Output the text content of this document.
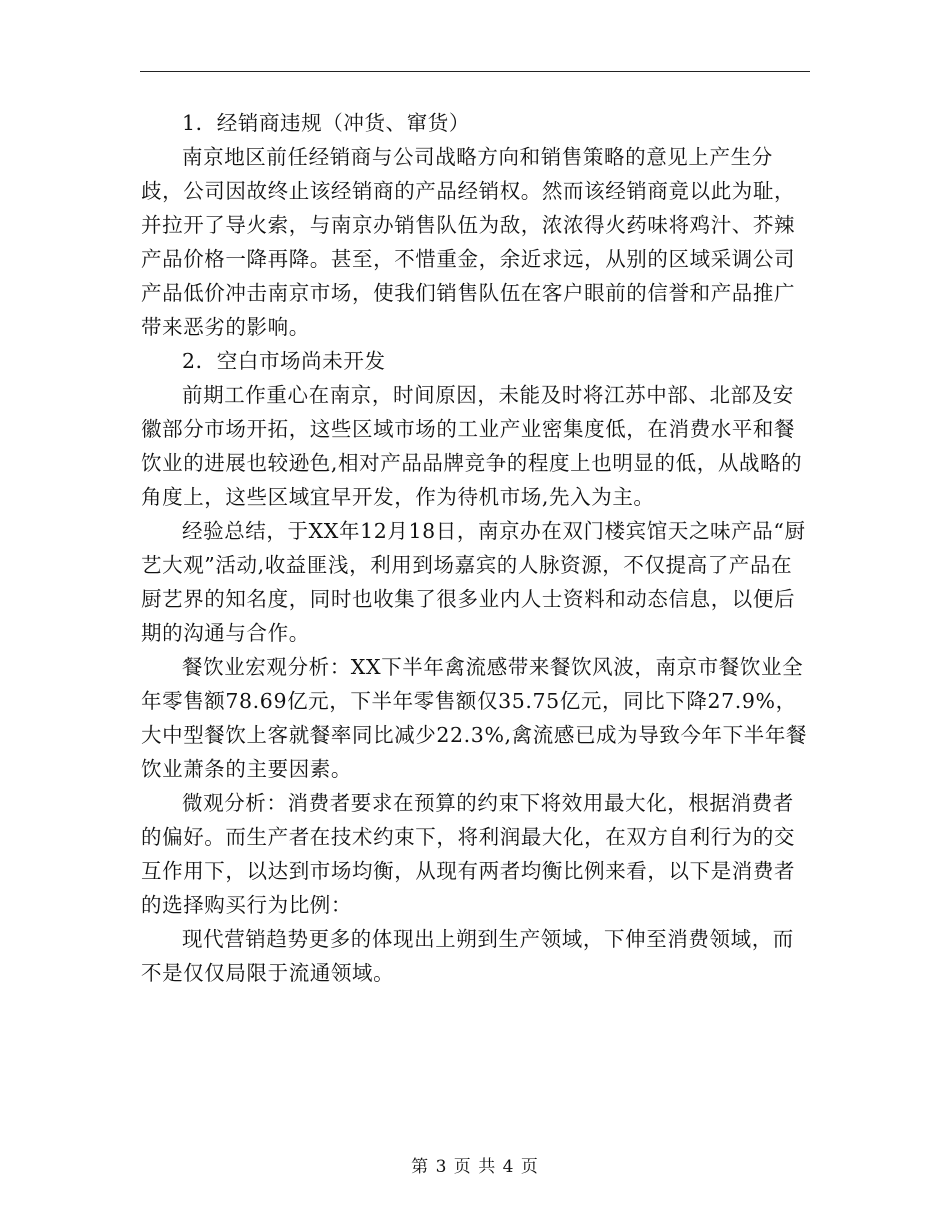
1．经销商违规（冲货、窜货）

南京地区前任经销商与公司战略方向和销售策略的意见上产生分歧，公司因故终止该经销商的产品经销权。然而该经销商竟以此为耻，并拉开了导火索，与南京办销售队伍为敌，浓浓得火药味将鸡汁、芥辣产品价格一降再降。甚至，不惜重金，余近求远，从别的区域采调公司产品低价冲击南京市场，使我们销售队伍在客户眼前的信誉和产品推广带来恶劣的影响。

2．空白市场尚未开发

前期工作重心在南京，时间原因，未能及时将江苏中部、北部及安徽部分市场开拓，这些区域市场的工业产业密集度低，在消费水平和餐饮业的进展也较逊色,相对产品品牌竞争的程度上也明显的低，从战略的角度上，这些区域宜早开发，作为待机市场,先入为主。

经验总结，于XX年12月18日，南京办在双门楼宾馆天之味产品“厨艺大观”活动,收益匪浅，利用到场嘉宾的人脉资源，不仅提高了产品在厨艺界的知名度，同时也收集了很多业内人士资料和动态信息，以便后期的沟通与合作。

餐饮业宏观分析：XX下半年禽流感带来餐饮风波，南京市餐饮业全年零售额78.69亿元，下半年零售额仅35.75亿元，同比下降27.9%，大中型餐饮上客就餐率同比减少22.3%,禽流感已成为导致今年下半年餐饮业萧条的主要因素。

微观分析：消费者要求在预算的约束下将效用最大化，根据消费者的偏好。而生产者在技术约束下，将利润最大化，在双方自利行为的交互作用下，以达到市场均衡，从现有两者均衡比例来看，以下是消费者的选择购买行为比例：

现代营销趋势更多的体现出上朔到生产领域，下伸至消费领域，而不是仅仅局限于流通领域。

第 3 页 共 4 页
